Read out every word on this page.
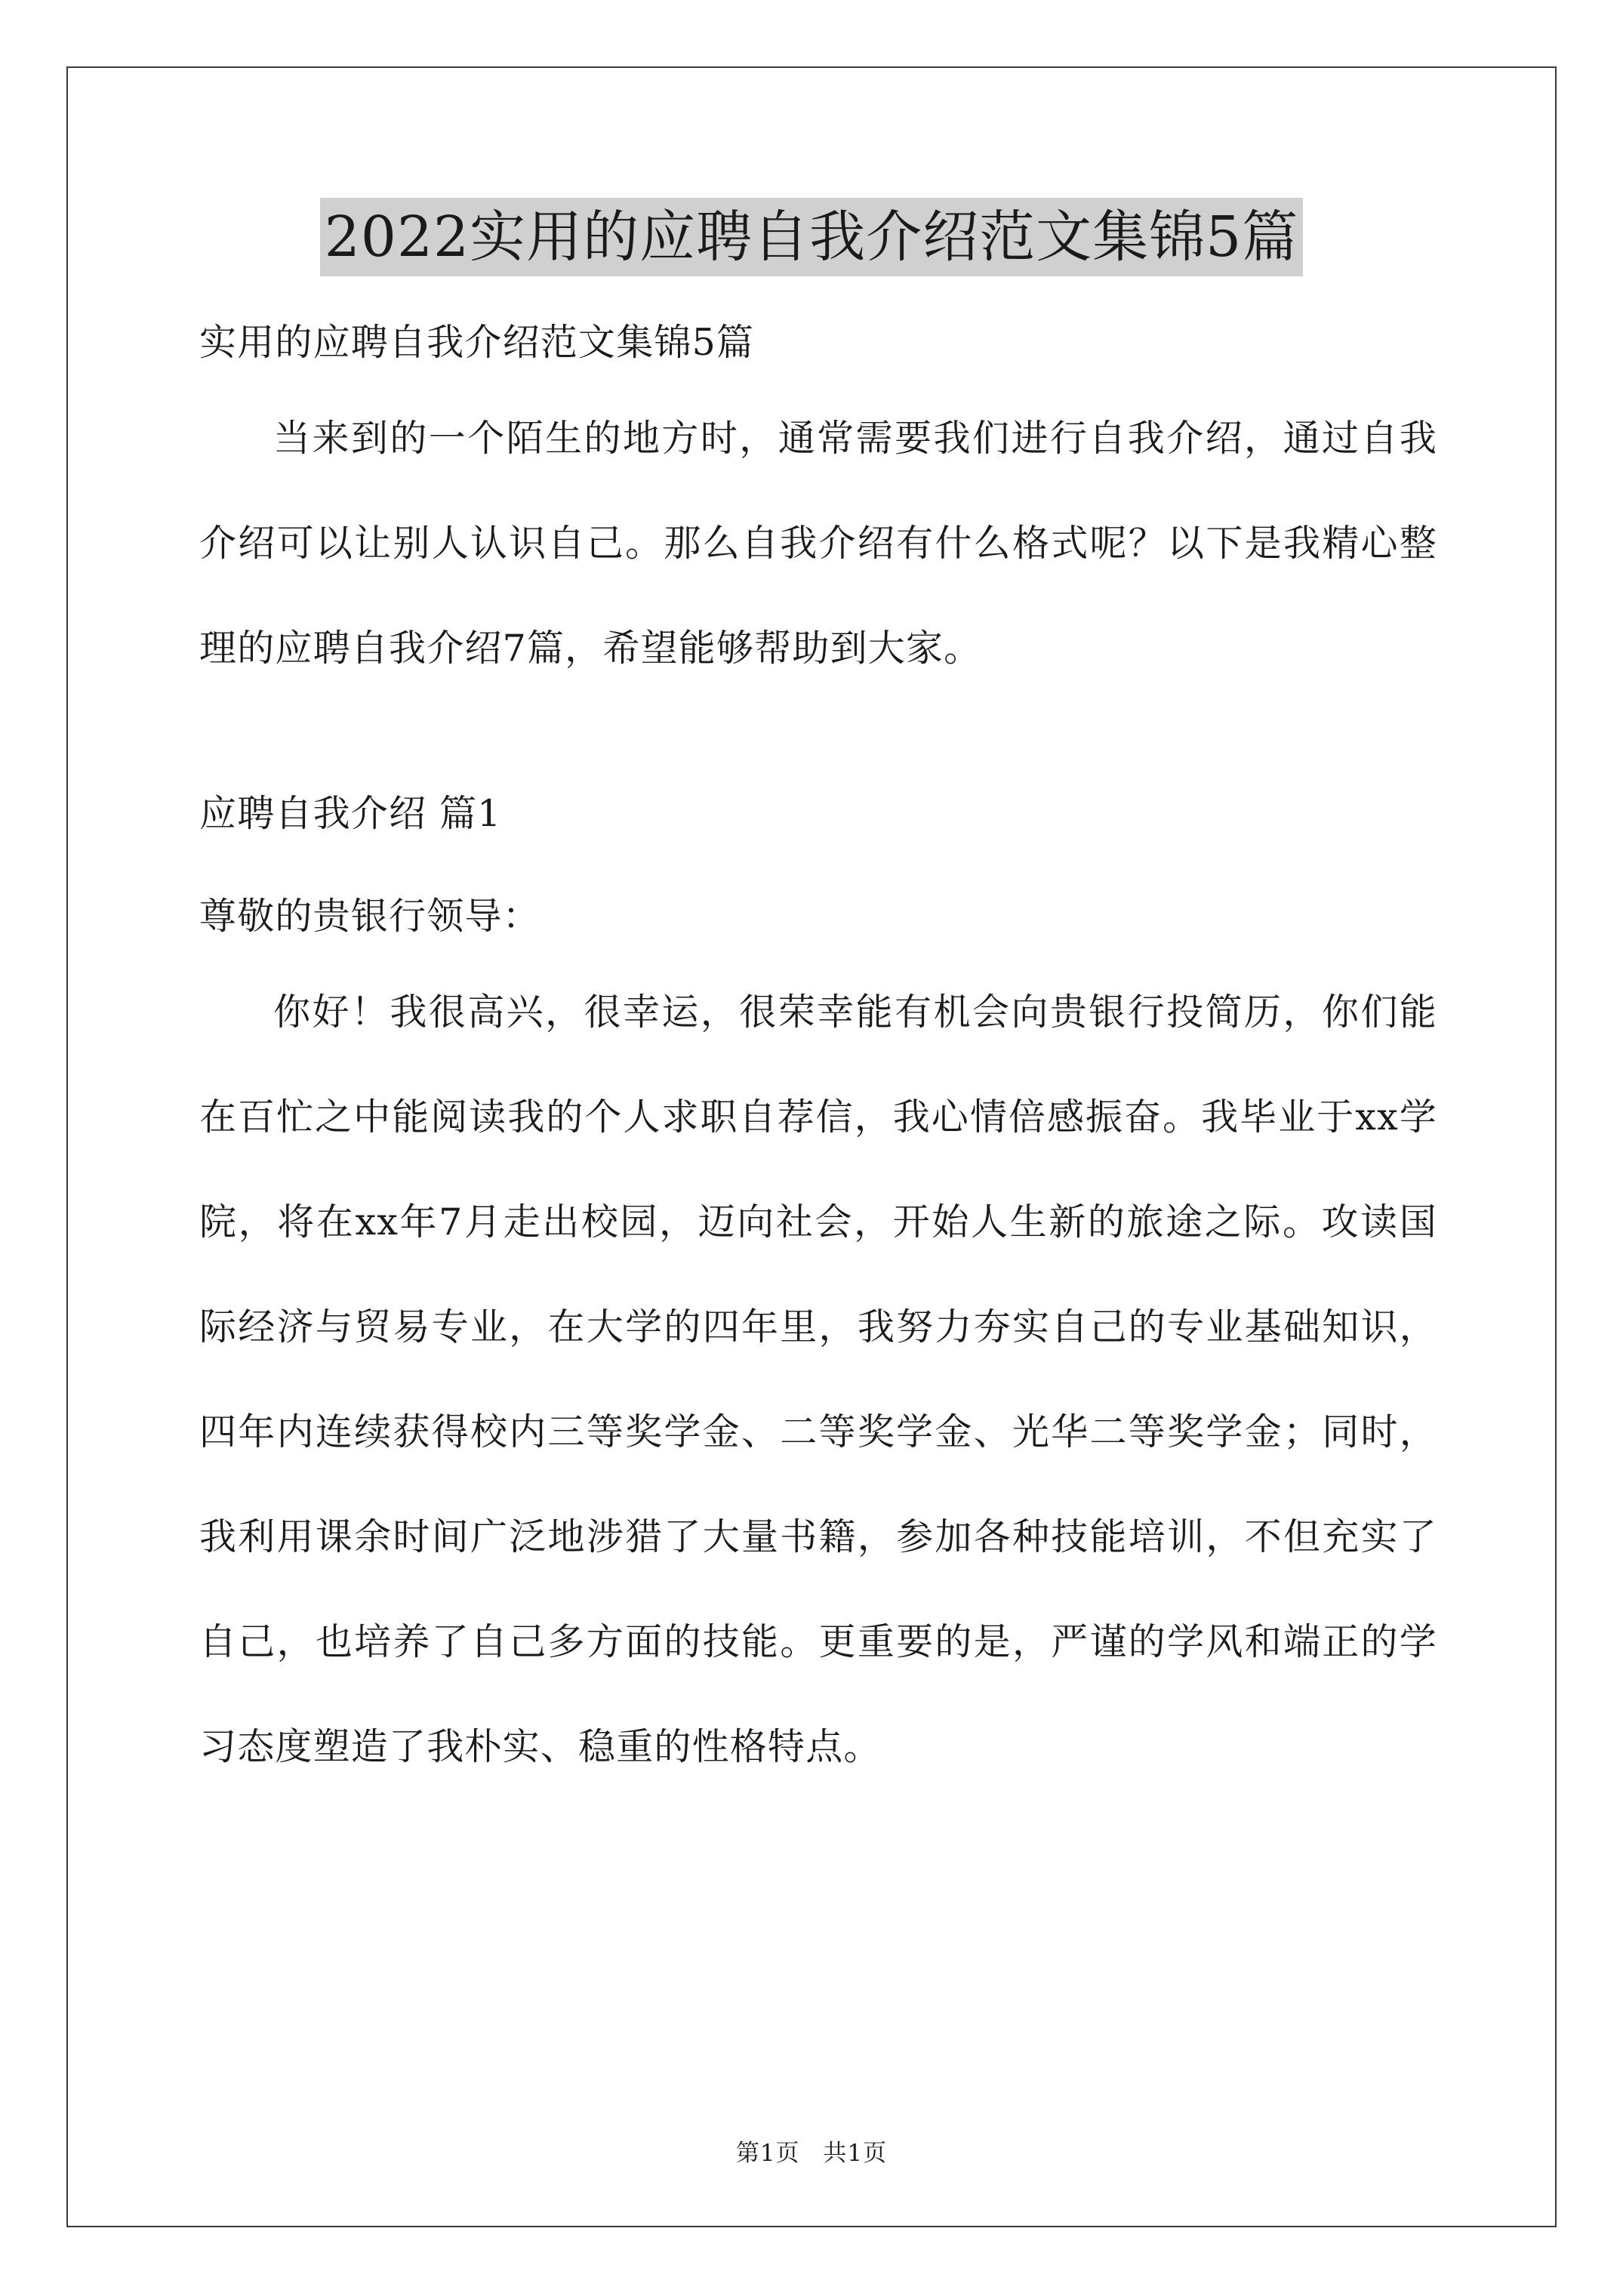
2022实用的应聘自我介绍范文集锦5篇
实用的应聘自我介绍范文集锦5篇

当来到的一个陌生的地方时，通常需要我们进行自我介绍，通过自我介绍可以让别人认识自己。那么自我介绍有什么格式呢？以下是我精心整理的应聘自我介绍7篇，希望能够帮助到大家。

应聘自我介绍 篇1
尊敬的贵银行领导：

你好！我很高兴，很幸运，很荣幸能有机会向贵银行投简历，你们能在百忙之中能阅读我的个人求职自荐信，我心情倍感振奋。我毕业于xx学院，将在xx年7月走出校园，迈向社会，开始人生新的旅途之际。攻读国际经济与贸易专业，在大学的四年里，我努力夯实自己的专业基础知识，四年内连续获得校内三等奖学金、二等奖学金、光华二等奖学金；同时，我利用课余时间广泛地涉猎了大量书籍，参加各种技能培训，不但充实了自己，也培养了自己多方面的技能。更重要的是，严谨的学风和端正的学习态度塑造了我朴实、稳重的性格特点。

第1页 共1页
